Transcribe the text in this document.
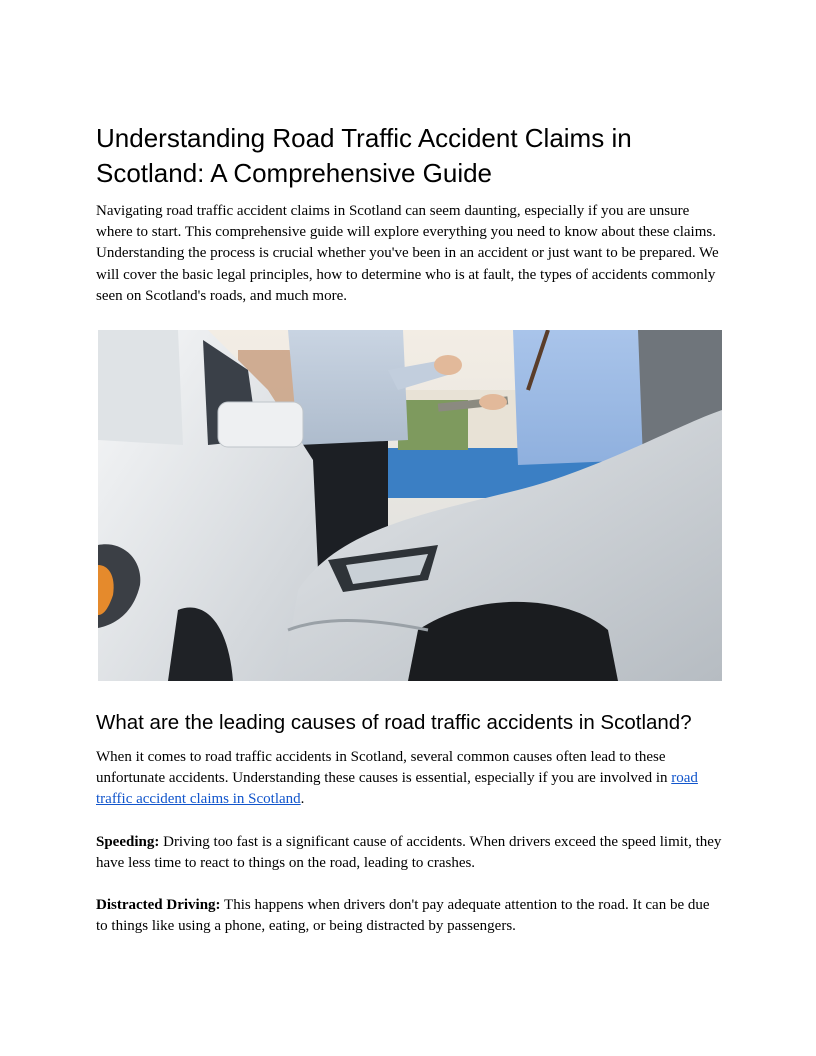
Understanding Road Traffic Accident Claims in Scotland: A Comprehensive Guide

Navigating road traffic accident claims in Scotland can seem daunting, especially if you are unsure where to start. This comprehensive guide will explore everything you need to know about these claims. Understanding the process is crucial whether you've been in an accident or just want to be prepared. We will cover the basic legal principles, how to determine who is at fault, the types of accidents commonly seen on Scotland's roads, and much more.

What are the leading causes of road traffic accidents in Scotland?

When it comes to road traffic accidents in Scotland, several common causes often lead to these unfortunate accidents. Understanding these causes is essential, especially if you are involved in road traffic accident claims in Scotland.

Speeding: Driving too fast is a significant cause of accidents. When drivers exceed the speed limit, they have less time to react to things on the road, leading to crashes.

Distracted Driving: This happens when drivers don't pay adequate attention to the road. It can be due to things like using a phone, eating, or being distracted by passengers.
